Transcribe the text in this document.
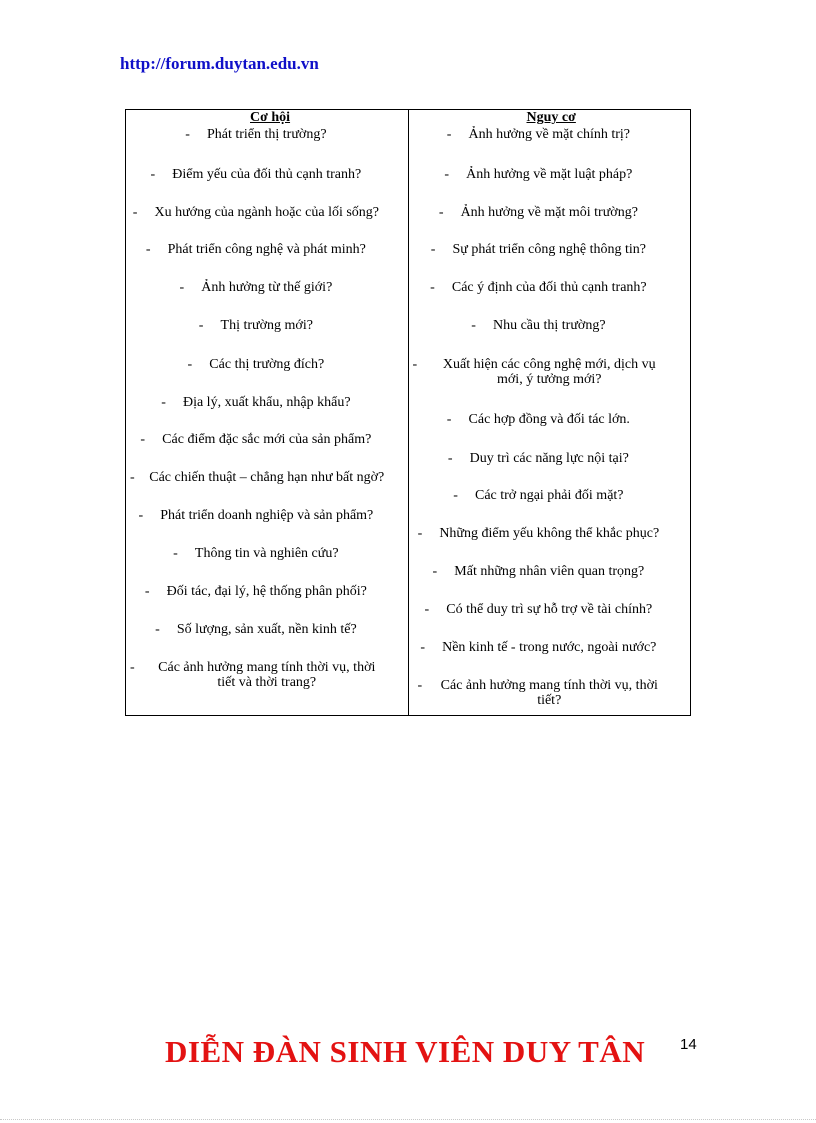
http://forum.duytan.edu.vn
Cơ hội
-	Phát triển thị trường?
-	Điểm yếu của đối thủ cạnh tranh?
-	Xu hướng của ngành hoặc của lối sống?
-	Phát triển công nghệ và phát minh?
-	Ảnh hưởng từ thế giới?
-	Thị trường mới?
-	Các thị trường đích?
-	Địa lý, xuất khẩu, nhập khẩu?
-	Các điểm đặc sắc mới của sản phẩm?
-	Các chiến thuật – chẳng hạn như bất ngờ?
-	Phát triển doanh nghiệp và sản phẩm?
-	Thông tin và nghiên cứu?
-	Đối tác, đại lý, hệ thống phân phối?
-	Số lượng, sản xuất, nền kinh tế?
-	Các ảnh hưởng mang tính thời vụ, thời tiết và thời trang?
Nguy cơ
-	Ảnh hưởng về mặt chính trị?
-	Ảnh hưởng về mặt luật pháp?
-	Ảnh hưởng về mặt môi trường?
-	Sự phát triển công nghệ thông tin?
-	Các ý định của đối thủ cạnh tranh?
-	Nhu cầu thị trường?
-	Xuất hiện các công nghệ mới, dịch vụ mới, ý tưởng mới?
-	Các hợp đồng và đối tác lớn.
-	Duy trì các năng lực nội tại?
-	Các trở ngại phải đối mặt?
-	Những điểm yếu không thể khắc phục?
-	Mất những nhân viên quan trọng?
-	Có thể duy trì sự hỗ trợ về tài chính?
-	Nền kinh tế - trong nước, ngoài nước?
- Các ảnh hưởng mang tính thời vụ, thời tiết?
DIỄN ĐÀN SINH VIÊN DUY TÂN 14
